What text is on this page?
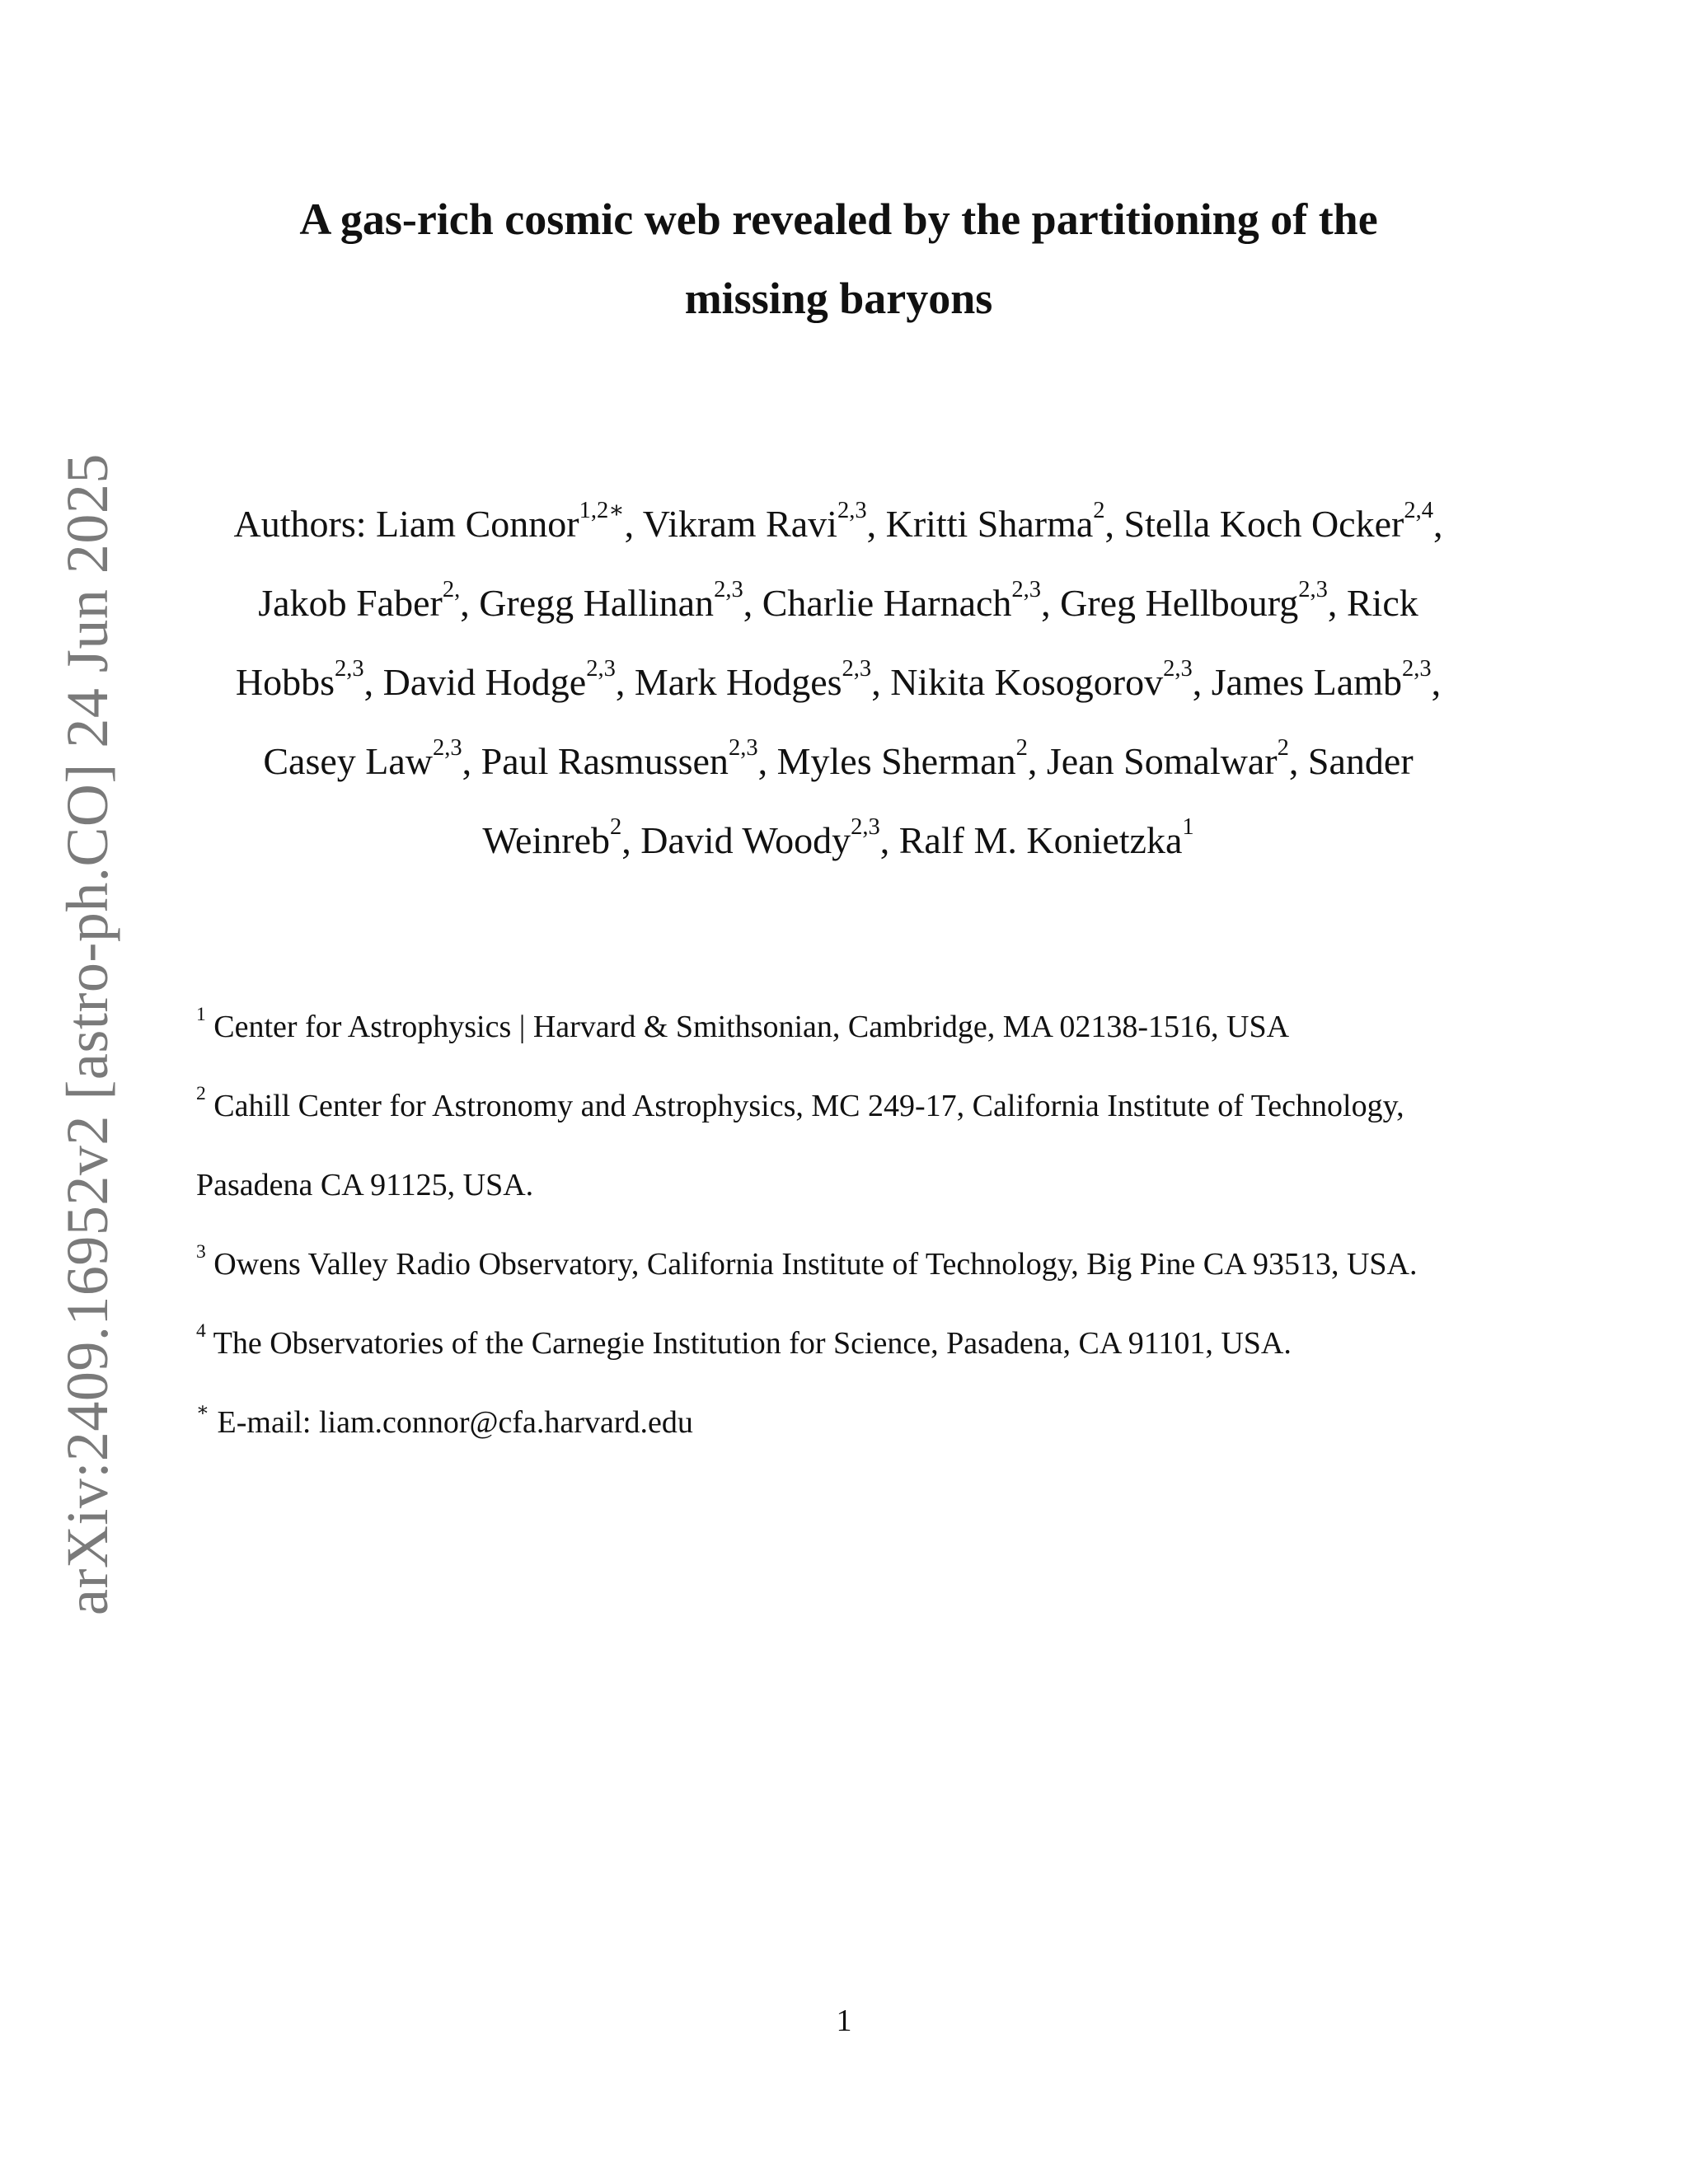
arXiv:2409.16952v2 [astro-ph.CO] 24 Jun 2025
A gas-rich cosmic web revealed by the partitioning of the
missing baryons

Authors: Liam Connor$^{1,2∗}$, Vikram Ravi$^{2,3}$, Kritti Sharma$^2$, Stella Koch Ocker$^{2,4}$, Jakob Faber$^{2,}$, Gregg Hallinan$^{2,3}$, Charlie Harnach$^{2,3}$, Greg Hellbourg$^{2,3}$, Rick Hobbs$^{2,3}$, David Hodge$^{2,3}$, Mark Hodges$^{2,3}$, Nikita Kosogorov$^{2,3}$, James Lamb$^{2,3}$, Casey Law$^{2,3}$, Paul Rasmussen$^{2,3}$, Myles Sherman$^2$, Jean Somalwar$^2$, Sander Weinreb$^2$, David Woody$^{2,3}$, Ralf M. Konietzka$^1$

$^1$ Center for Astrophysics | Harvard & Smithsonian, Cambridge, MA 02138-1516, USA

$^2$ Cahill Center for Astronomy and Astrophysics, MC 249-17, California Institute of Technology, Pasadena CA 91125, USA.

$^3$ Owens Valley Radio Observatory, California Institute of Technology, Big Pine CA 93513, USA.

$^4$ The Observatories of the Carnegie Institution for Science, Pasadena, CA 91101, USA.

∗ E-mail: liam.connor@cfa.harvard.edu

1
